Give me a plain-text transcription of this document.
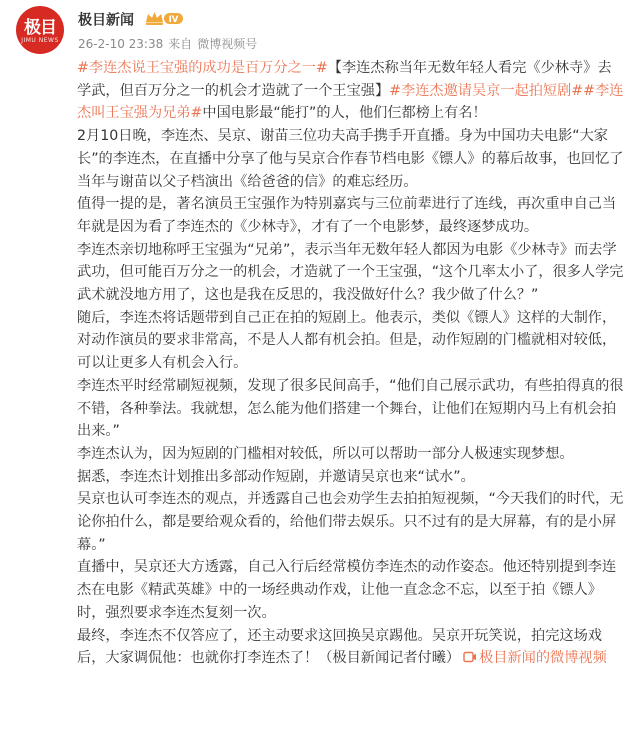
极目
JIMU NEWS
极目新闻	IV
26-2-10 23:38 来自 微博视频号

#李连杰说王宝强的成功是百万分之一#【李连杰称当年无数年轻人看完《少林寺》去学武，但百万分之一的机会才造就了一个王宝强】#李连杰邀请吴京一起拍短剧##李连杰叫王宝强为兄弟#中国电影最“能打”的人，他们仨都榜上有名！

2月10日晚，李连杰、吴京、谢苗三位功夫高手携手开直播。身为中国功夫电影“大家长”的李连杰，在直播中分享了他与吴京合作春节档电影《镖人》的幕后故事，也回忆了当年与谢苗以父子档演出《给爸爸的信》的难忘经历。

值得一提的是，著名演员王宝强作为特别嘉宾与三位前辈进行了连线，再次重申自己当年就是因为看了李连杰的《少林寺》，才有了一个电影梦，最终逐梦成功。

李连杰亲切地称呼王宝强为“兄弟”，表示当年无数年轻人都因为电影《少林寺》而去学武功，但可能百万分之一的机会，才造就了一个王宝强，“这个几率太小了，很多人学完武术就没地方用了，这也是我在反思的，我没做好什么？我少做了什么？”

随后，李连杰将话题带到自己正在拍的短剧上。他表示，类似《镖人》这样的大制作，对动作演员的要求非常高，不是人人都有机会拍。但是，动作短剧的门槛就相对较低，可以让更多人有机会入行。

李连杰平时经常刷短视频，发现了很多民间高手，“他们自己展示武功，有些拍得真的很不错，各种拳法。我就想，怎么能为他们搭建一个舞台，让他们在短期内马上有机会拍出来。”

李连杰认为，因为短剧的门槛相对较低，所以可以帮助一部分人极速实现梦想。

据悉，李连杰计划推出多部动作短剧，并邀请吴京也来“试水”。

吴京也认可李连杰的观点，并透露自己也会劝学生去拍拍短视频，“今天我们的时代，无论你拍什么，都是要给观众看的，给他们带去娱乐。只不过有的是大屏幕，有的是小屏幕。”

直播中，吴京还大方透露，自己入行后经常模仿李连杰的动作姿态。他还特别提到李连杰在电影《精武英雄》中的一场经典动作戏，让他一直念念不忘，以至于拍《镖人》时，强烈要求李连杰复刻一次。

最终，李连杰不仅答应了，还主动要求这回换吴京踢他。吴京开玩笑说，拍完这场戏后，大家调侃他：也就你打李连杰了！（极目新闻记者付曦） 极目新闻的微博视频
